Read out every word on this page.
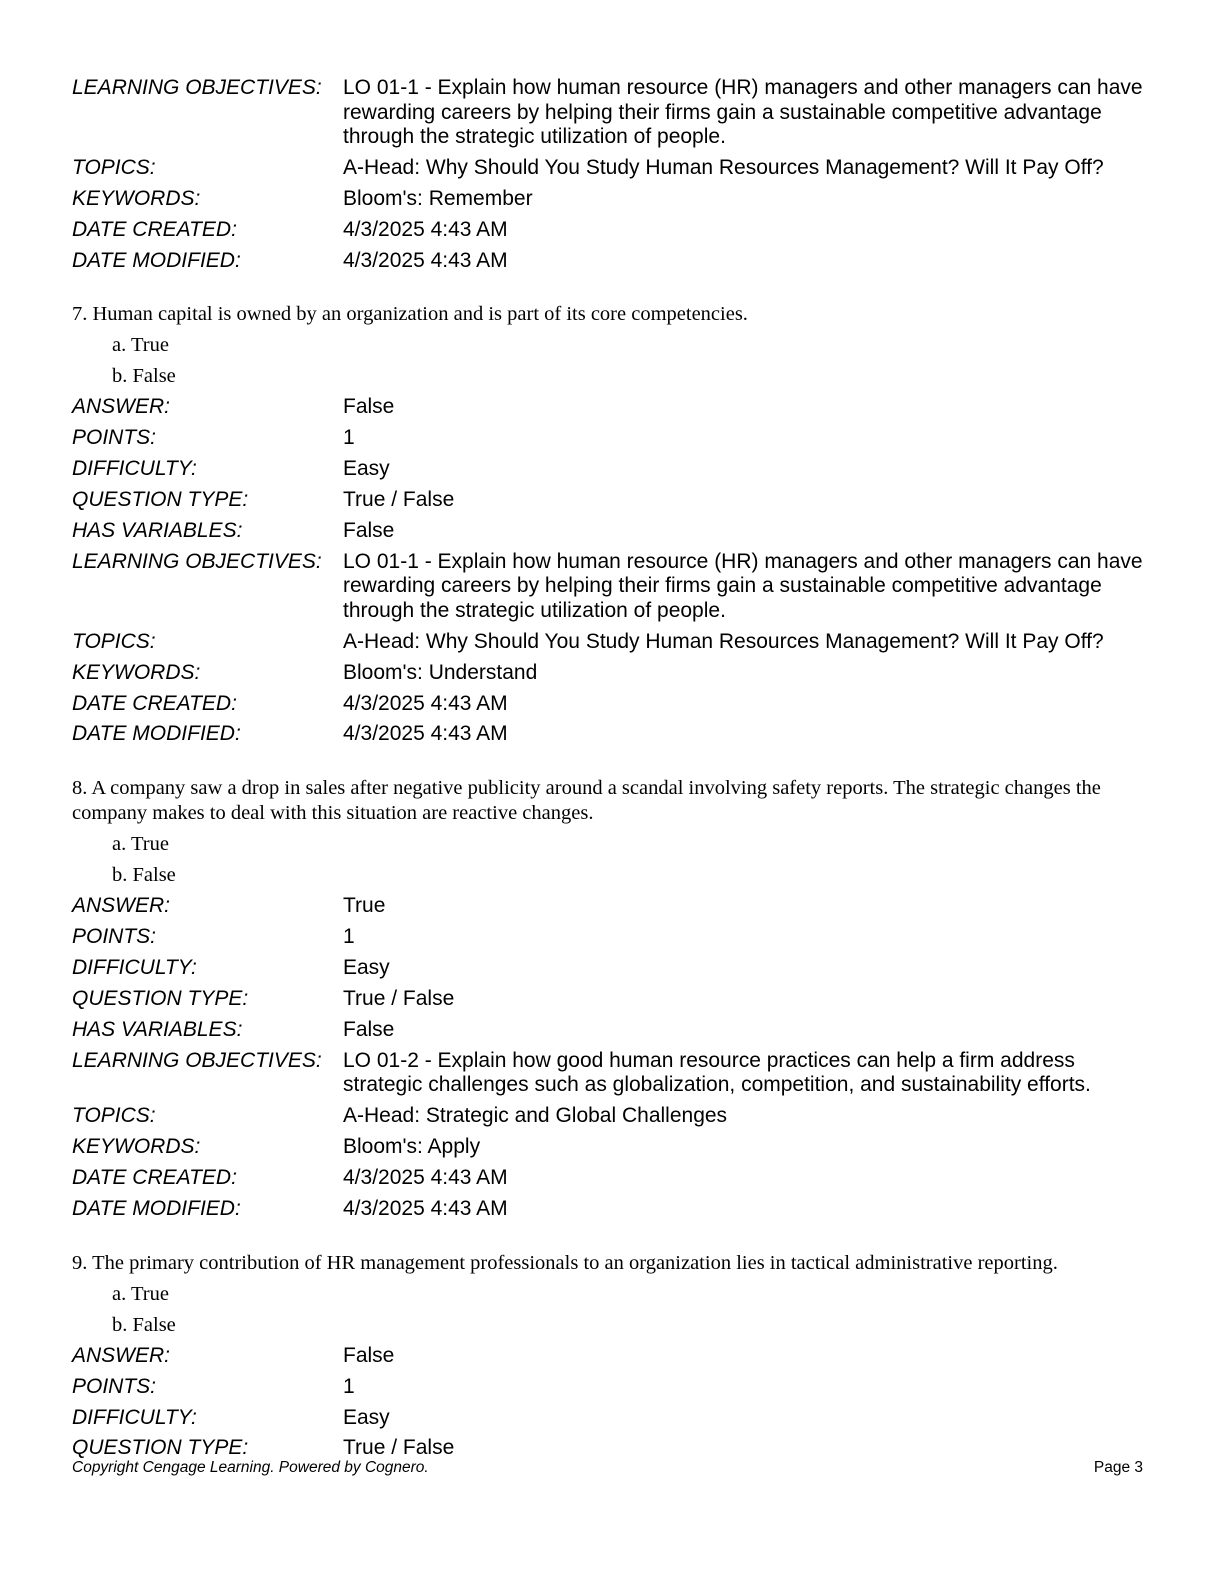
LEARNING OBJECTIVES:	LO 01-1 - Explain how human resource (HR) managers and other managers can have rewarding careers by helping their firms gain a sustainable competitive advantage through the strategic utilization of people.
TOPICS:	A-Head: Why Should You Study Human Resources Management? Will It Pay Off?
KEYWORDS:	Bloom's: Remember
DATE CREATED:	4/3/2025 4:43 AM
DATE MODIFIED:	4/3/2025 4:43 AM
7. Human capital is owned by an organization and is part of its core competencies.
a. True
b. False
ANSWER:	False
POINTS:	1
DIFFICULTY:	Easy
QUESTION TYPE:	True / False
HAS VARIABLES:	False
LEARNING OBJECTIVES:	LO 01-1 - Explain how human resource (HR) managers and other managers can have rewarding careers by helping their firms gain a sustainable competitive advantage through the strategic utilization of people.
TOPICS:	A-Head: Why Should You Study Human Resources Management? Will It Pay Off?
KEYWORDS:	Bloom's: Understand
DATE CREATED:	4/3/2025 4:43 AM
DATE MODIFIED:	4/3/2025 4:43 AM
8. A company saw a drop in sales after negative publicity around a scandal involving safety reports. The strategic changes the company makes to deal with this situation are reactive changes.
a. True
b. False
ANSWER:	True
POINTS:	1
DIFFICULTY:	Easy
QUESTION TYPE:	True / False
HAS VARIABLES:	False
LEARNING OBJECTIVES:	LO 01-2 - Explain how good human resource practices can help a firm address strategic challenges such as globalization, competition, and sustainability efforts.
TOPICS:	A-Head: Strategic and Global Challenges
KEYWORDS:	Bloom's: Apply
DATE CREATED:	4/3/2025 4:43 AM
DATE MODIFIED:	4/3/2025 4:43 AM
9. The primary contribution of HR management professionals to an organization lies in tactical administrative reporting.
a. True
b. False
ANSWER:	False
POINTS:	1
DIFFICULTY:	Easy
QUESTION TYPE:	True / False
Copyright Cengage Learning. Powered by Cognero.	Page 3
